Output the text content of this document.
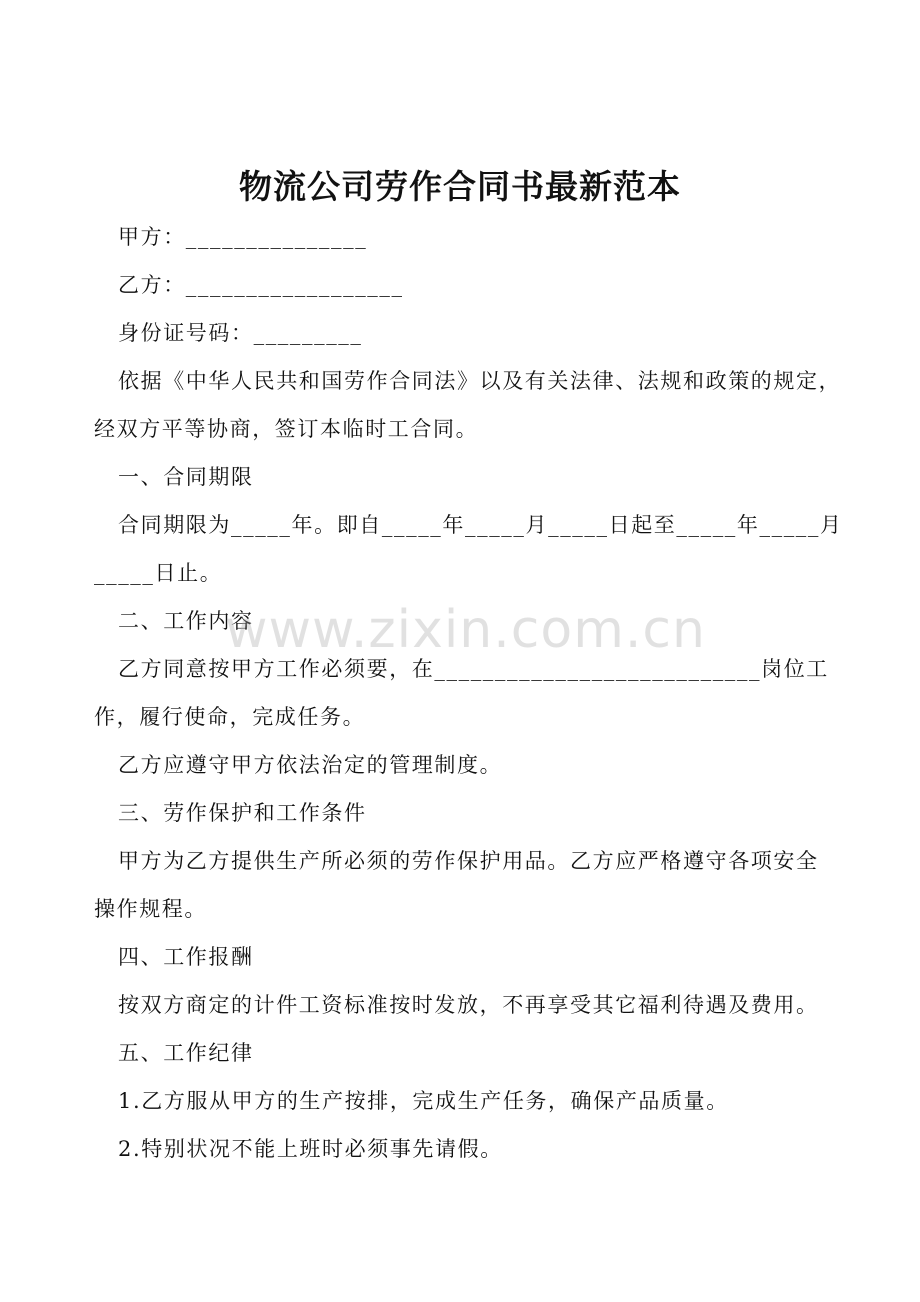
物流公司劳作合同书最新范本
甲方：_______________
乙方：__________________
身份证号码：_________
依据《中华人民共和国劳作合同法》以及有关法律、法规和政策的规定，
经双方平等协商，签订本临时工合同。
一、合同期限
合同期限为_____年。即自_____年_____月_____日起至_____年_____月
_____日止。
二、工作内容
乙方同意按甲方工作必须要，在___________________________岗位工
作，履行使命，完成任务。
乙方应遵守甲方依法治定的管理制度。
三、劳作保护和工作条件
甲方为乙方提供生产所必须的劳作保护用品。乙方应严格遵守各项安全
操作规程。
四、工作报酬
按双方商定的计件工资标准按时发放，不再享受其它福利待遇及费用。
五、工作纪律
1.乙方服从甲方的生产按排，完成生产任务，确保产品质量。
2.特别状况不能上班时必须事先请假。
www.zixin.com.cn
